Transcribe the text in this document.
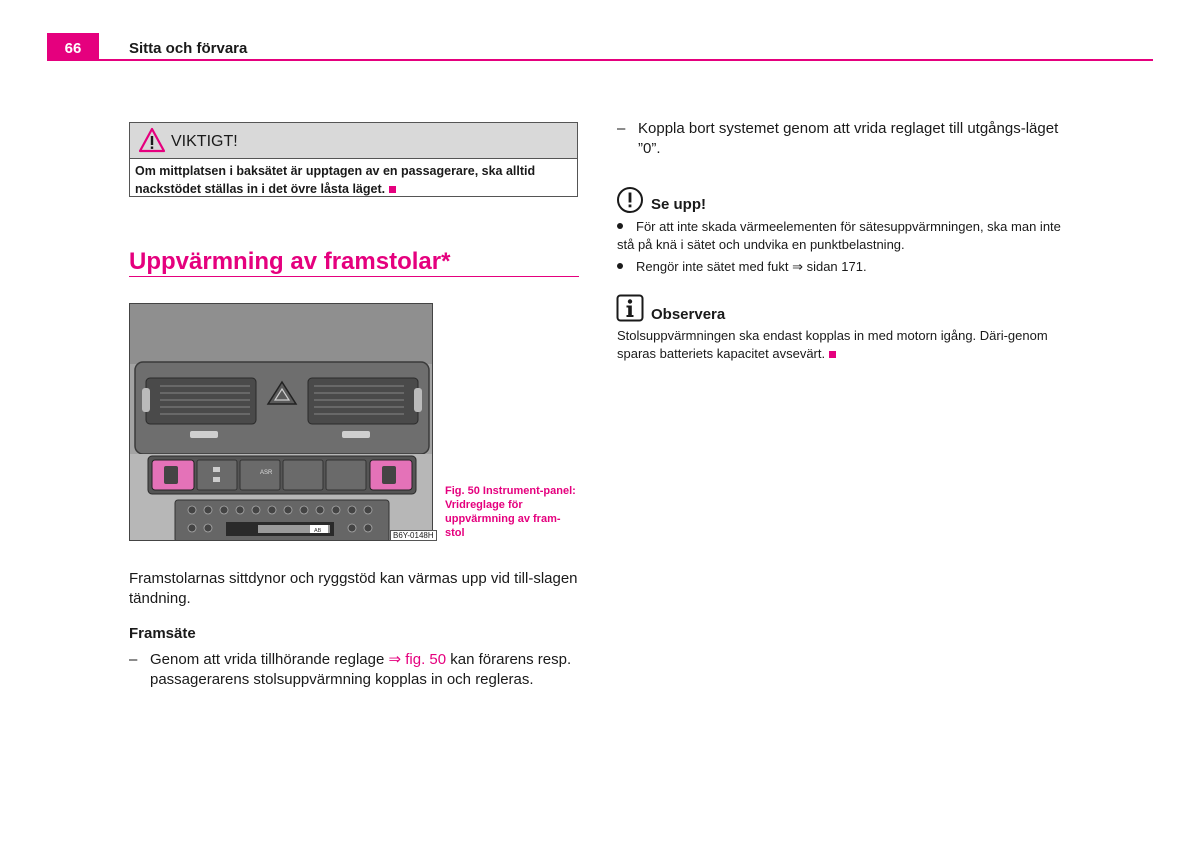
66	Sitta och förvara
VIKTIGT!
Om mittplatsen i baksätet är upptagen av en passagerare, ska alltid nackstödet ställas in i det övre låsta läget.
Uppvärmning av framstolar*
ASR
AB	B6Y-0148H
Fig. 50 Instrument-panel: Vridreglage för uppvärmning av fram-stol
Framstolarnas sittdynor och ryggstöd kan värmas upp vid till-slagen tändning.
Framsäte
– Genom att vrida tillhörande reglage ⇒ fig. 50 kan förarens resp. passagerarens stolsuppvärmning kopplas in och regleras.
– Koppla bort systemet genom att vrida reglaget till utgångs-läget ”0”.
Se upp!
För att inte skada värmeelementen för sätesuppvärmningen, ska man inte stå på knä i sätet och undvika en punktbelastning.
Rengör inte sätet med fukt ⇒ sidan 171.
Observera
Stolsuppvärmningen ska endast kopplas in med motorn igång. Däri-genom sparas batteriets kapacitet avsevärt.
